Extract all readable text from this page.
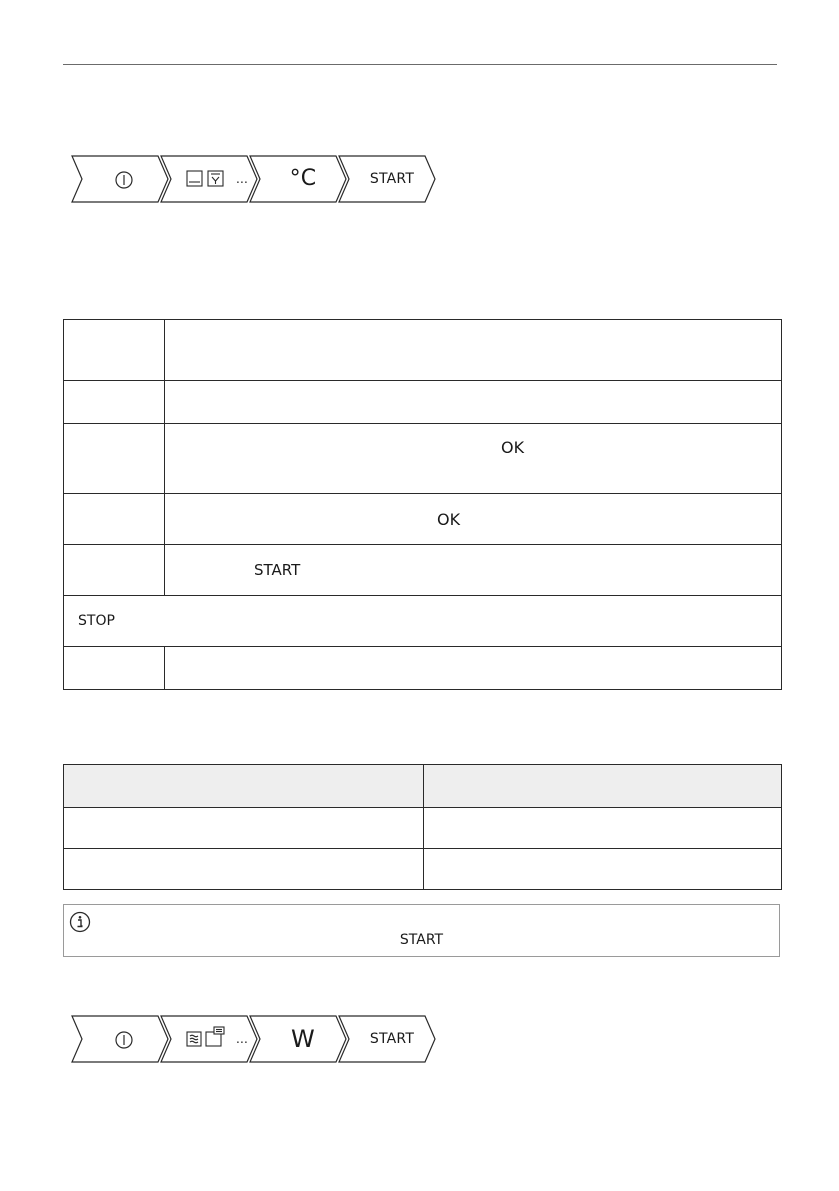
...	°C	START

	OK
	OK
	START
STOP	

START
...	W	START
